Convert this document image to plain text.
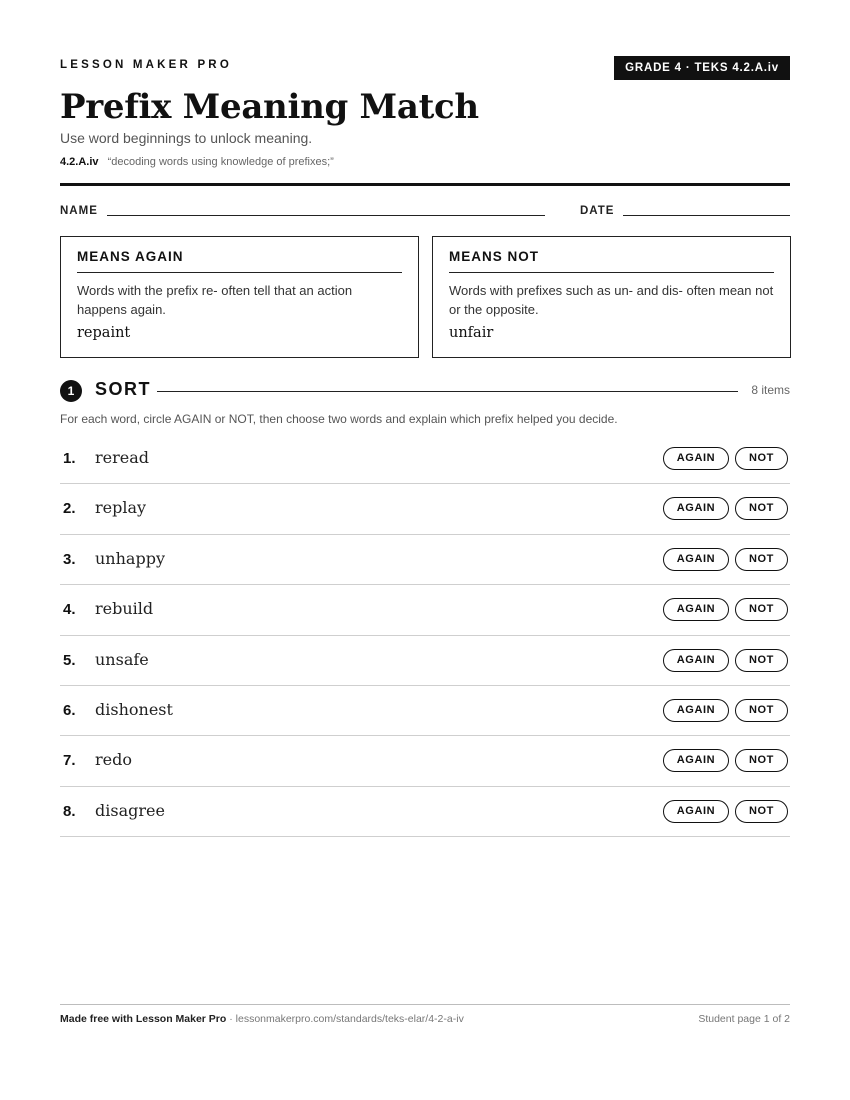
LESSON MAKER PRO	GRADE 4 · TEKS 4.2.A.iv
Prefix Meaning Match
Use word beginnings to unlock meaning.
4.2.A.iv “decoding words using knowledge of prefixes;”
NAME	DATE
MEANS AGAIN
Words with the prefix re- often tell that an action happens again.
repaint
MEANS NOT
Words with prefixes such as un- and dis- often mean not or the opposite.
unfair
1	SORT	8 items
For each word, circle AGAIN or NOT, then choose two words and explain which prefix helped you decide.
1. reread	AGAIN	NOT
2. replay	AGAIN	NOT
3. unhappy	AGAIN	NOT
4. rebuild	AGAIN	NOT
5. unsafe	AGAIN	NOT
6. dishonest	AGAIN	NOT
7. redo	AGAIN	NOT
8. disagree	AGAIN	NOT
Made free with Lesson Maker Pro · lessonmakerpro.com/standards/teks-elar/4-2-a-iv	Student page 1 of 2
